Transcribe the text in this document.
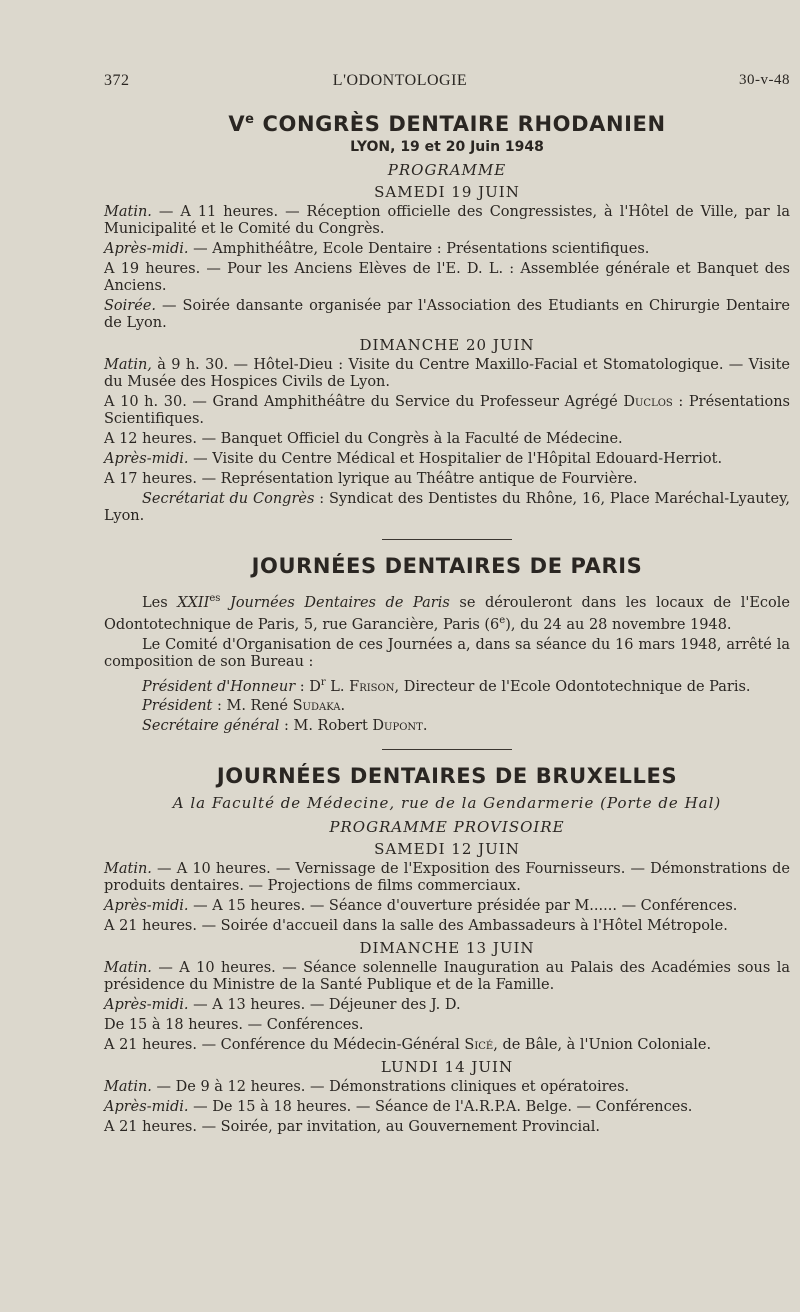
372	L'ODONTOLOGIE	30-v-48
Ve CONGRÈS DENTAIRE RHODANIEN
LYON, 19 et 20 Juin 1948
PROGRAMME
SAMEDI 19 JUIN

Matin. — A 11 heures. — Réception officielle des Congressistes, à l'Hôtel de Ville, par la Municipalité et le Comité du Congrès.

Après-midi. — Amphithéâtre, Ecole Dentaire : Présentations scientifiques.

A 19 heures. — Pour les Anciens Elèves de l'E. D. L. : Assemblée générale et Banquet des Anciens.

Soirée. — Soirée dansante organisée par l'Association des Etudiants en Chirurgie Dentaire de Lyon.

DIMANCHE 20 JUIN

Matin, à 9 h. 30. — Hôtel-Dieu : Visite du Centre Maxillo-Facial et Stomatologique. — Visite du Musée des Hospices Civils de Lyon.

A 10 h. 30. — Grand Amphithéâtre du Service du Professeur Agrégé Duclos : Présentations Scientifiques.

A 12 heures. — Banquet Officiel du Congrès à la Faculté de Médecine.

Après-midi. — Visite du Centre Médical et Hospitalier de l'Hôpital Edouard-Herriot.

A 17 heures. — Représentation lyrique au Théâtre antique de Fourvière.

Secrétariat du Congrès : Syndicat des Dentistes du Rhône, 16, Place Maréchal-Lyautey, Lyon.

JOURNÉES DENTAIRES DE PARIS

Les $XXII^{es}$ Journées Dentaires de Paris se dérouleront dans les locaux de l'Ecole Odontotechnique de Paris, 5, rue Garancière, Paris (6e), du 24 au 28 novembre 1948.

Le Comité d'Organisation de ces Journées a, dans sa séance du 16 mars 1948, arrêté la composition de son Bureau :

Président d'Honneur : $D^r$ L. Frison, Directeur de l'Ecole Odontotechnique de Paris.

Président : M. René Sudaka.

Secrétaire général : M. Robert Dupont.

JOURNÉES DENTAIRES DE BRUXELLES
A la Faculté de Médecine, rue de la Gendarmerie (Porte de Hal)
PROGRAMME PROVISOIRE
SAMEDI 12 JUIN

Matin. — A 10 heures. — Vernissage de l'Exposition des Fournisseurs. — Démonstrations de produits dentaires. — Projections de films commerciaux.

Après-midi. — A 15 heures. — Séance d'ouverture présidée par M...... — Conférences.

A 21 heures. — Soirée d'accueil dans la salle des Ambassadeurs à l'Hôtel Métropole.

DIMANCHE 13 JUIN

Matin. — A 10 heures. — Séance solennelle Inauguration au Palais des Académies sous la présidence du Ministre de la Santé Publique et de la Famille.

Après-midi. — A 13 heures. — Déjeuner des J. D.

De 15 à 18 heures. — Conférences.

A 21 heures. — Conférence du Médecin-Général Sicé, de Bâle, à l'Union Coloniale.

LUNDI 14 JUIN

Matin. — De 9 à 12 heures. — Démonstrations cliniques et opératoires.

Après-midi. — De 15 à 18 heures. — Séance de l'A.R.P.A. Belge. — Conférences.

A 21 heures. — Soirée, par invitation, au Gouvernement Provincial.
